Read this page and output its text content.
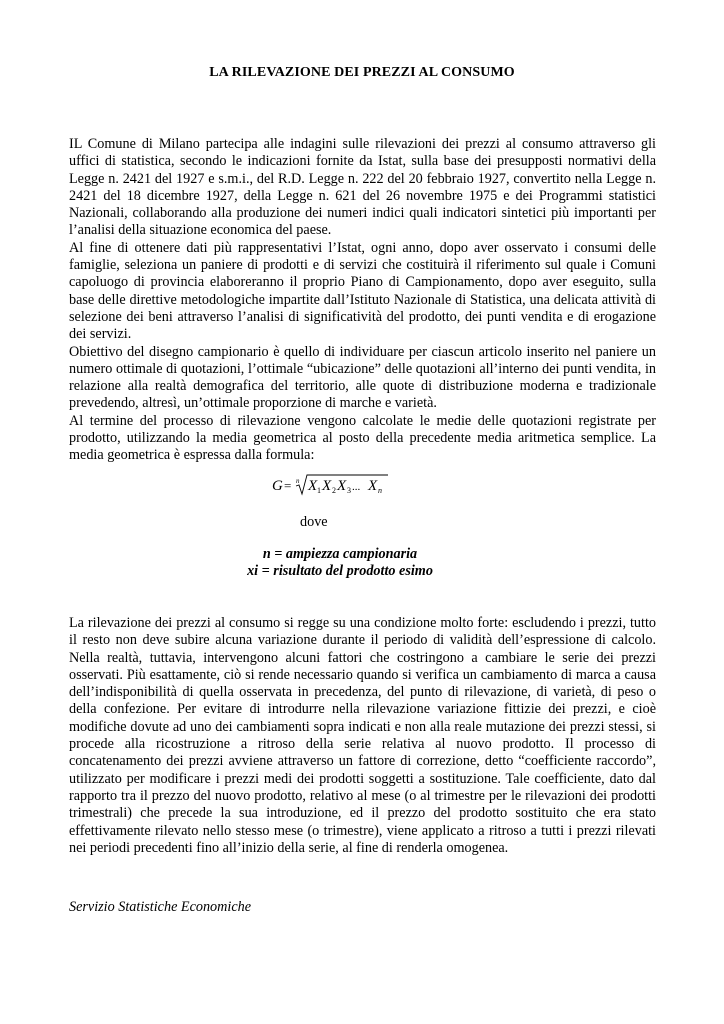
LA RILEVAZIONE DEI PREZZI AL CONSUMO

IL Comune di Milano partecipa alle indagini sulle rilevazioni dei prezzi al consumo attraverso gli uffici di statistica, secondo le indicazioni fornite da Istat, sulla base dei presupposti normativi della Legge n. 2421 del 1927 e s.m.i., del R.D. Legge n. 222 del 20 febbraio 1927, convertito nella Legge n. 2421 del 18 dicembre 1927, della Legge n. 621 del 26 novembre 1975 e dei Programmi statistici Nazionali, collaborando alla produzione dei numeri indici quali indicatori sintetici più importanti per l’analisi della situazione economica del paese.

Al fine di ottenere dati più rappresentativi l’Istat, ogni anno, dopo aver osservato i consumi delle famiglie, seleziona un paniere di prodotti e di servizi che costituirà il riferimento sul quale i Comuni capoluogo di provincia elaboreranno il proprio Piano di Campionamento, dopo aver eseguito, sulla base delle direttive metodologiche impartite dall’Istituto Nazionale di Statistica, una delicata attività di selezione dei beni attraverso l’analisi di significatività del prodotto, dei punti vendita e di erogazione dei servizi.

Obiettivo del disegno campionario è quello di individuare per ciascun articolo inserito nel paniere un numero ottimale di quotazioni, l’ottimale “ubicazione” delle quotazioni all’interno dei punti vendita, in relazione alla realtà demografica del territorio, alle quote di distribuzione moderna e tradizionale prevedendo, altresì, un’ottimale proporzione di marche e varietà.

Al termine del processo di rilevazione vengono calcolate le medie delle quotazioni registrate per prodotto, utilizzando la media geometrica al posto della precedente media aritmetica semplice. La media geometrica è espressa dalla formula:

G = n X 1 X 2 X 3 ... X n
dove
n = ampiezza campionaria
xi = risultato del prodotto esimo

La rilevazione dei prezzi al consumo si regge su una condizione molto forte: escludendo i prezzi, tutto il resto non deve subire alcuna variazione durante il periodo di validità dell’espressione di calcolo. Nella realtà, tuttavia, intervengono alcuni fattori che costringono a cambiare le serie dei prezzi osservati. Più esattamente, ciò si rende necessario quando si verifica un cambiamento di marca a causa dell’indisponibilità di quella osservata in precedenza, del punto di rilevazione, di varietà, di peso o della confezione. Per evitare di introdurre nella rilevazione variazione fittizie dei prezzi, e cioè modifiche dovute ad uno dei cambiamenti sopra indicati e non alla reale mutazione dei prezzi stessi, si procede alla ricostruzione a ritroso della serie relativa al nuovo prodotto. Il processo di concatenamento dei prezzi avviene attraverso un fattore di correzione, detto “coefficiente raccordo”, utilizzato per modificare i prezzi medi dei prodotti soggetti a sostituzione. Tale coefficiente, dato dal rapporto tra il prezzo del nuovo prodotto, relativo al mese (o al trimestre per le rilevazioni dei prodotti trimestrali) che precede la sua introduzione, ed il prezzo del prodotto sostituito che era stato effettivamente rilevato nello stesso mese (o trimestre), viene applicato a ritroso a tutti i prezzi rilevati nei periodi precedenti fino all’inizio della serie, al fine di renderla omogenea.

Servizio Statistiche Economiche
